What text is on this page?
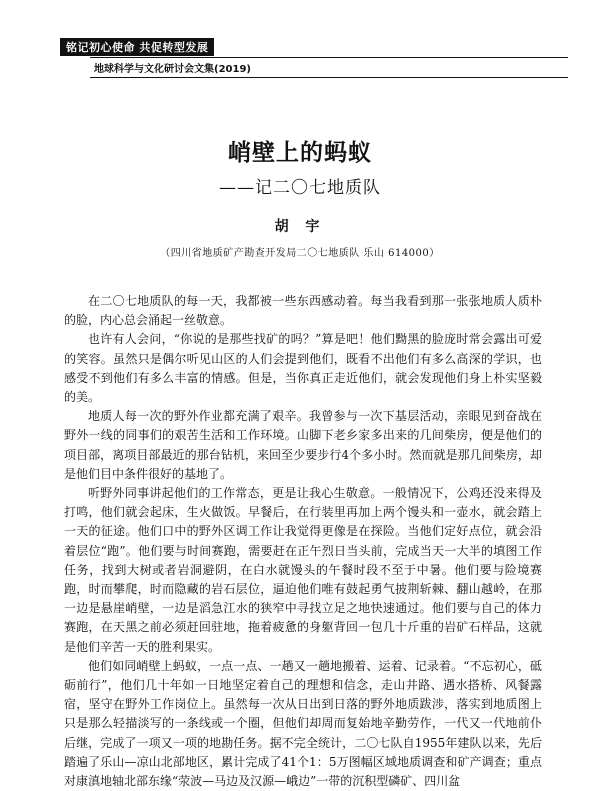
铭记初心使命 共促转型发展
地球科学与文化研讨会文集(2019)
峭壁上的蚂蚁
——记二〇七地质队
胡 宇
（四川省地质矿产勘查开发局二〇七地质队 乐山 614000）

在二〇七地质队的每一天，我都被一些东西感动着。每当我看到那一张张地质人质朴的脸，内心总会涌起一丝敬意。

也许有人会问，“你说的是那些找矿的吗？”算是吧！他们黝黑的脸庞时常会露出可爱的笑容。虽然只是偶尔听见山区的人们会提到他们，既看不出他们有多么高深的学识，也感受不到他们有多么丰富的情感。但是，当你真正走近他们，就会发现他们身上朴实坚毅的美。

地质人每一次的野外作业都充满了艰辛。我曾参与一次下基层活动，亲眼见到奋战在野外一线的同事们的艰苦生活和工作环境。山脚下老乡家多出来的几间柴房，便是他们的项目部，离项目部最近的那台钻机，来回至少要步行4个多小时。然而就是那几间柴房，却是他们目中条件很好的基地了。

听野外同事讲起他们的工作常态，更是让我心生敬意。一般情况下，公鸡还没来得及打鸣，他们就会起床，生火做饭。早餐后，在行装里再加上两个馒头和一壶水，就会踏上一天的征途。他们口中的野外区调工作让我觉得更像是在探险。当他们定好点位，就会沿着层位“跑”。他们要与时间赛跑，需要赶在正午烈日当头前，完成当天一大半的填图工作任务，找到大树或者岩洞避阴，在白水就馒头的午餐时段不至于中暑。他们要与险境赛跑，时而攀爬，时而隐藏的岩石层位，逼迫他们唯有鼓起勇气披荆斩棘、翻山越岭，在那一边是悬崖峭壁，一边是滔急江水的狭窄中寻找立足之地快速通过。他们要与自己的体力赛跑，在天黑之前必须赶回驻地，拖着疲惫的身躯背回一包几十斤重的岩矿石样品，这就是他们辛苦一天的胜利果实。

他们如同峭壁上蚂蚁，一点一点、一趟又一趟地搬着、运着、记录着。“不忘初心，砥砺前行”，他们几十年如一日地坚定着自己的理想和信念，走山井路、遇水搭桥、风餐露宿，坚守在野外工作岗位上。虽然每一次从日出到日落的野外地质跋涉，落实到地质图上只是那么轻描淡写的一条线或一个圈，但他们却周而复始地辛勤劳作，一代又一代地前仆后继，完成了一项又一项的地勘任务。据不完全统计，二〇七队自1955年建队以来，先后踏遍了乐山—凉山北部地区，累计完成了41个1：5万图幅区域地质调查和矿产调查；重点对康滇地轴北部东缘“荥波—马边及汉源—峨边”一带的沉积型磷矿、四川盆
